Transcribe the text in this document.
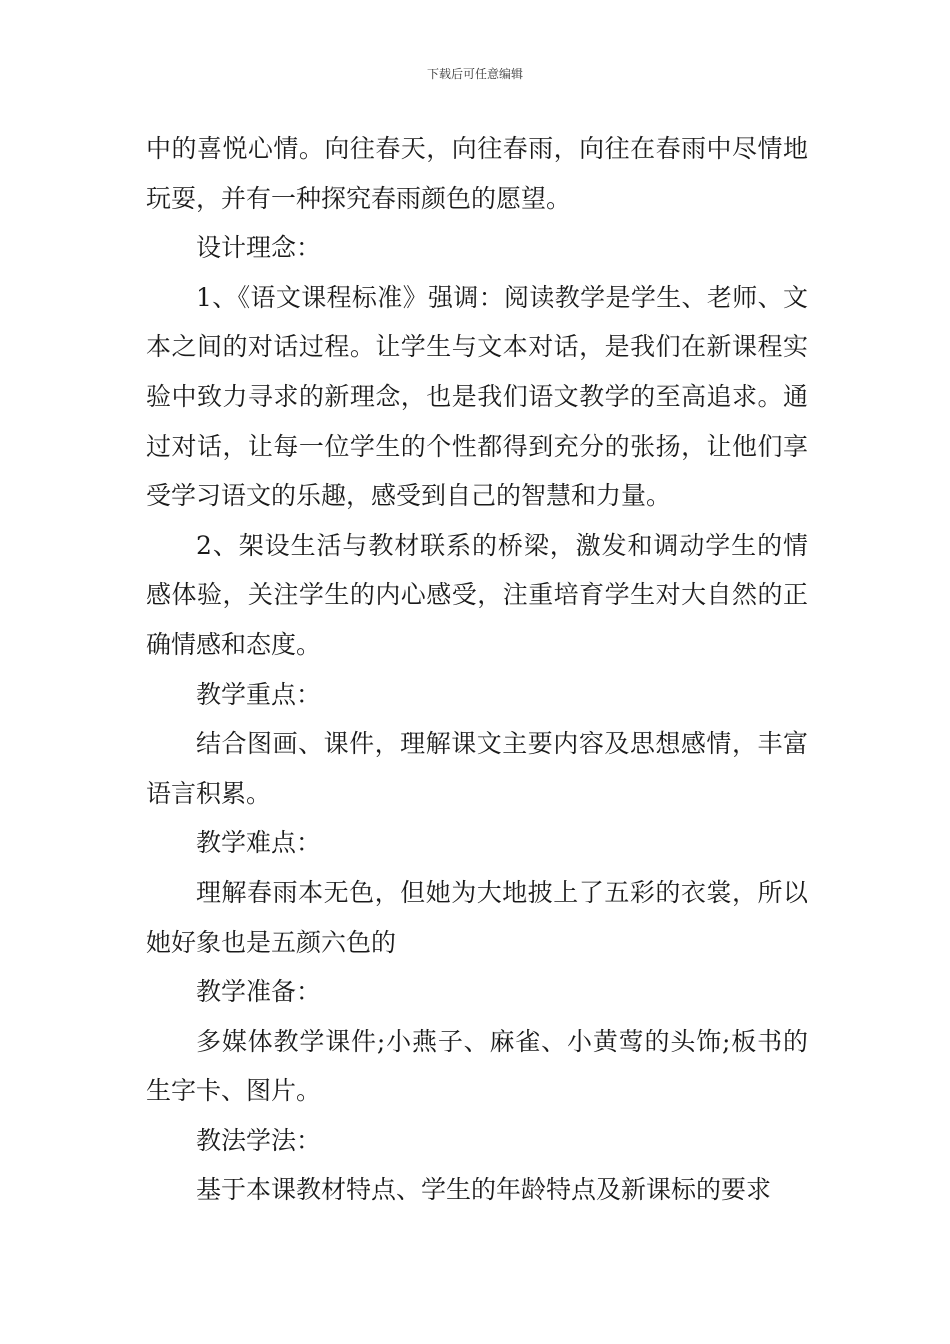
下载后可任意编辑

中的喜悦心情。向往春天，向往春雨，向往在春雨中尽情地玩耍，并有一种探究春雨颜色的愿望。

设计理念：

1、《语文课程标准》强调：阅读教学是学生、老师、文本之间的对话过程。让学生与文本对话，是我们在新课程实验中致力寻求的新理念，也是我们语文教学的至高追求。通过对话，让每一位学生的个性都得到充分的张扬，让他们享受学习语文的乐趣，感受到自己的智慧和力量。

2、架设生活与教材联系的桥梁，激发和调动学生的情感体验，关注学生的内心感受，注重培育学生对大自然的正确情感和态度。

教学重点：

结合图画、课件，理解课文主要内容及思想感情，丰富语言积累。

教学难点：

理解春雨本无色，但她为大地披上了五彩的衣裳，所以她好象也是五颜六色的

教学准备：

多媒体教学课件;小燕子、麻雀、小黄莺的头饰;板书的生字卡、图片。

教法学法：

基于本课教材特点、学生的年龄特点及新课标的要求
